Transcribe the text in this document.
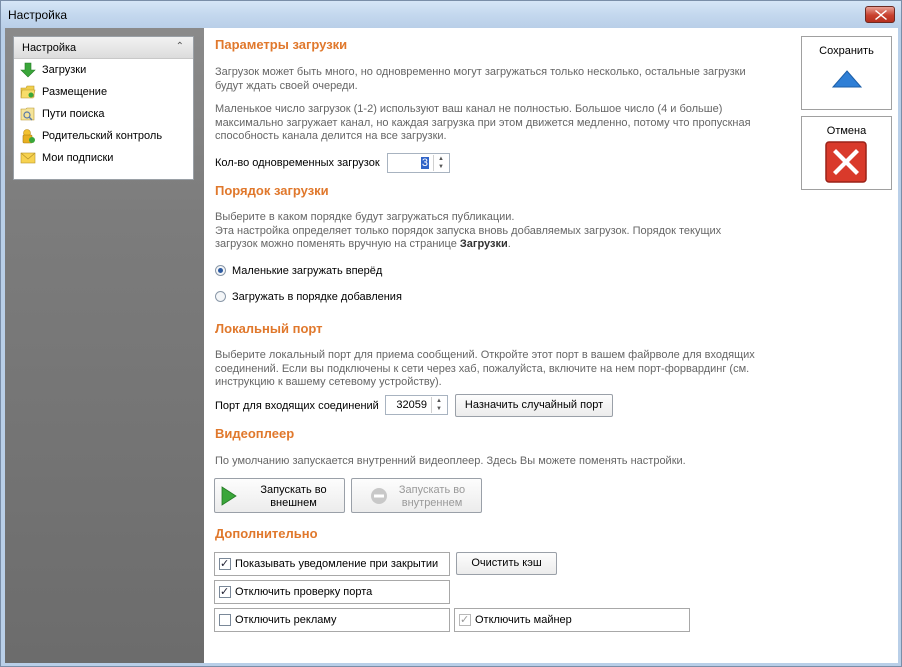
Настройка
Настройка	⌃
Загрузки
Размещение
Пути поиска
Родительский контроль
Мои подписки
Параметры загрузки
Загрузок может быть много, но одновременно могут загружаться только несколько, остальные загрузки будут ждать своей очереди.
Маленькое число загрузок (1-2) используют ваш канал не полностью. Большое число (4 и больше) максимально загружает канал, но каждая загрузка при этом движется медленно, потому что пропускная способность канала делится на все загрузки.
Кол-во одновременных загрузок	3	▲
▼
Порядок загрузки
Выберите в каком порядке будут загружаться публикации.
Эта настройка определяет только порядок запуска вновь добавляемых загрузок. Порядок текущих
загрузок можно поменять вручную на странице Загрузки.
Маленькие загружать вперёд
Загружать в порядке добавления
Локальный порт
Выберите локальный порт для приема сообщений. Откройте этот порт в вашем файрволе для входящих соединений. Если вы подключены к сети через хаб, пожалуйста, включите на нем порт-форвардинг (см. инструкцию к вашему сетевому устройству).
Порт для входящих соединений 32059	▲
▼	Назначить случайный порт
Видеоплеер
По умолчанию запускается внутренний видеоплеер. Здесь Вы можете поменять настройки.
Запускать во
внешнем
Запускать во
внутреннем
Дополнительно
✓
Показывать уведомление при закрытии	Очистить кэш
✓
Отключить проверку порта
Отключить рекламу
✓	Отключить майнер
Сохранить
Отмена
